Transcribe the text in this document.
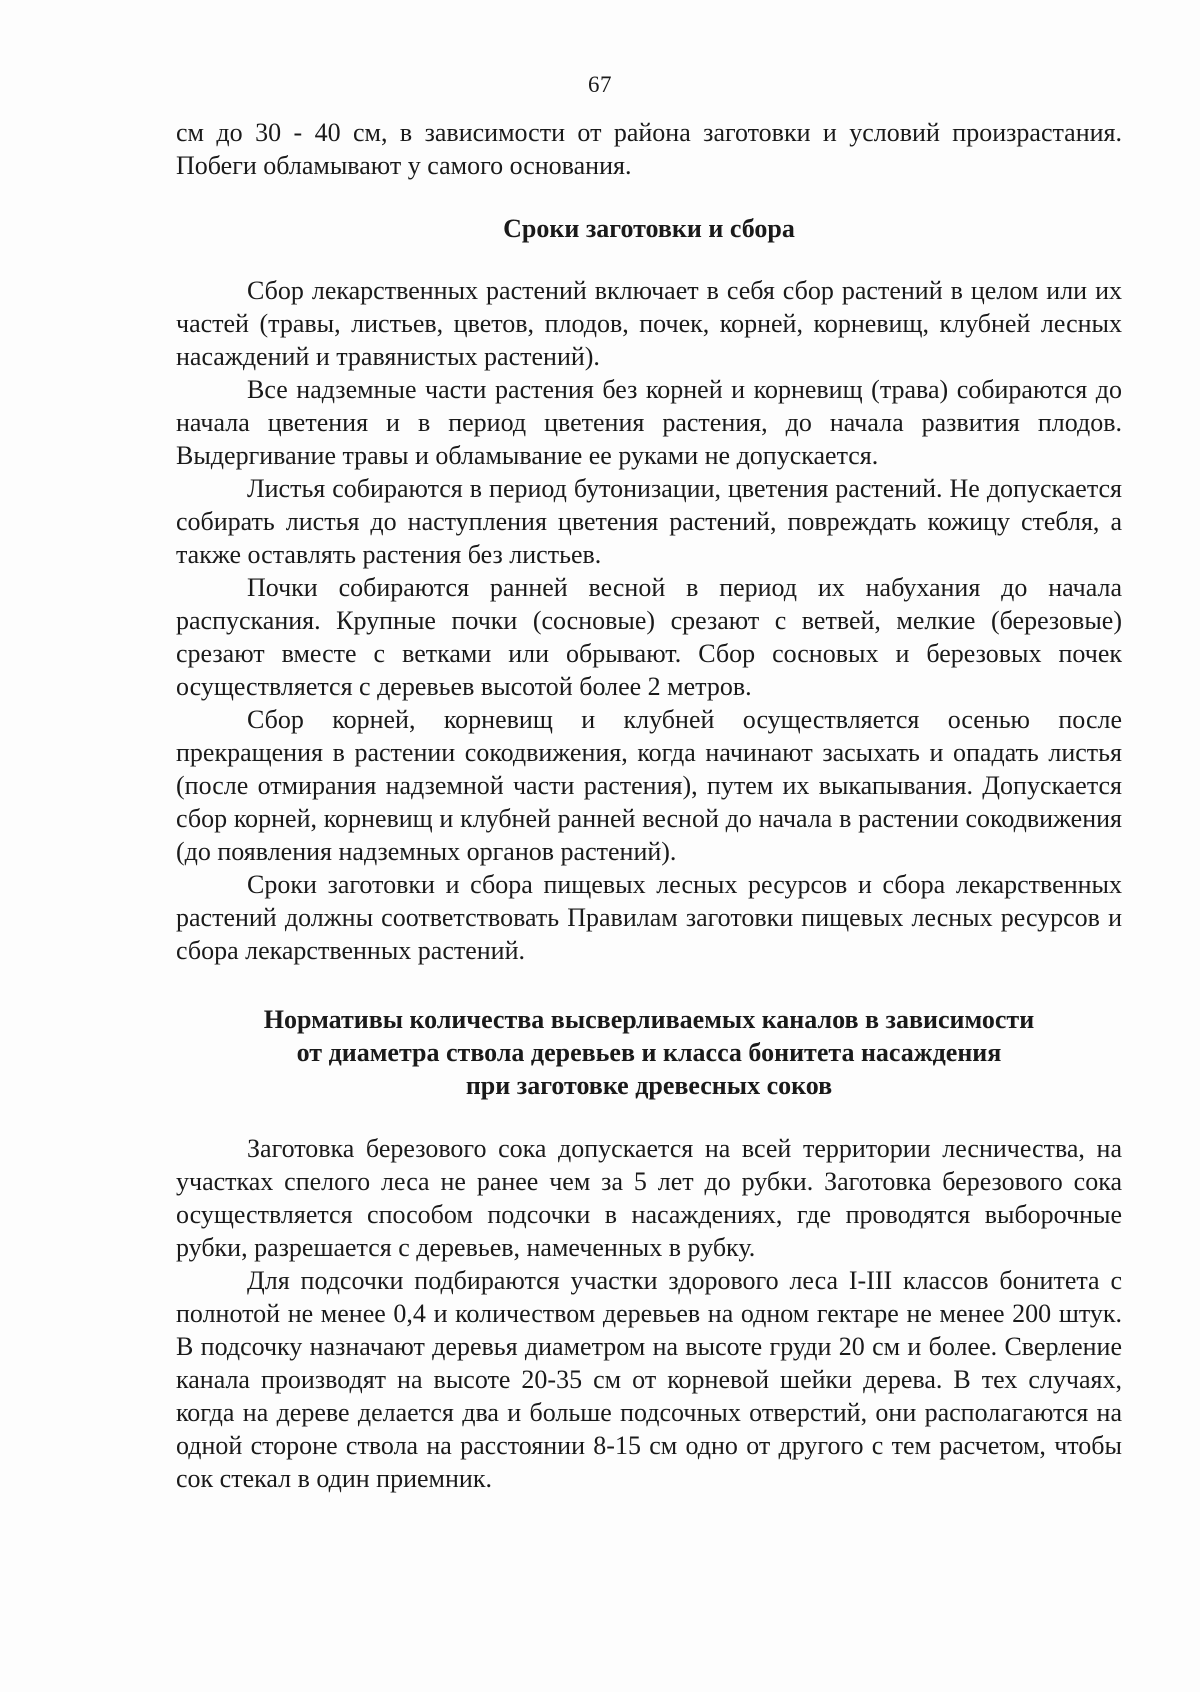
67

см до 30 - 40 см, в зависимости от района заготовки и условий произрастания. Побеги обламывают у самого основания.

Сроки заготовки и сбора

Сбор лекарственных растений включает в себя сбор растений в целом или их частей (травы, листьев, цветов, плодов, почек, корней, корневищ, клубней лесных насаждений и травянистых растений).

Все надземные части растения без корней и корневищ (трава) собираются до начала цветения и в период цветения растения, до начала развития плодов. Выдергивание травы и обламывание ее руками не допускается.

Листья собираются в период бутонизации, цветения растений. Не допускается собирать листья до наступления цветения растений, повреждать кожицу стебля, а также оставлять растения без листьев.

Почки собираются ранней весной в период их набухания до начала распускания. Крупные почки (сосновые) срезают с ветвей, мелкие (березовые) срезают вместе с ветками или обрывают. Сбор сосновых и березовых почек осуществляется с деревьев высотой более 2 метров.

Сбор корней, корневищ и клубней осуществляется осенью после прекращения в растении сокодвижения, когда начинают засыхать и опадать листья (после отмирания надземной части растения), путем их выкапывания. Допускается сбор корней, корневищ и клубней ранней весной до начала в растении сокодвижения (до появления надземных органов растений).

Сроки заготовки и сбора пищевых лесных ресурсов и сбора лекарственных растений должны соответствовать Правилам заготовки пищевых лесных ресурсов и сбора лекарственных растений.

Нормативы количества высверливаемых каналов в зависимости
от диаметра ствола деревьев и класса бонитета насаждения
при заготовке древесных соков

Заготовка березового сока допускается на всей территории лесничества, на участках спелого леса не ранее чем за 5 лет до рубки. Заготовка березового сока осуществляется способом подсочки в насаждениях, где проводятся выборочные рубки, разрешается с деревьев, намеченных в рубку.

Для подсочки подбираются участки здорового леса I-III классов бонитета с полнотой не менее 0,4 и количеством деревьев на одном гектаре не менее 200 штук. В подсочку назначают деревья диаметром на высоте груди 20 см и более. Сверление канала производят на высоте 20-35 см от корневой шейки дерева. В тех случаях, когда на дереве делается два и больше подсочных отверстий, они располагаются на одной стороне ствола на расстоянии 8-15 см одно от другого с тем расчетом, чтобы сок стекал в один приемник.
